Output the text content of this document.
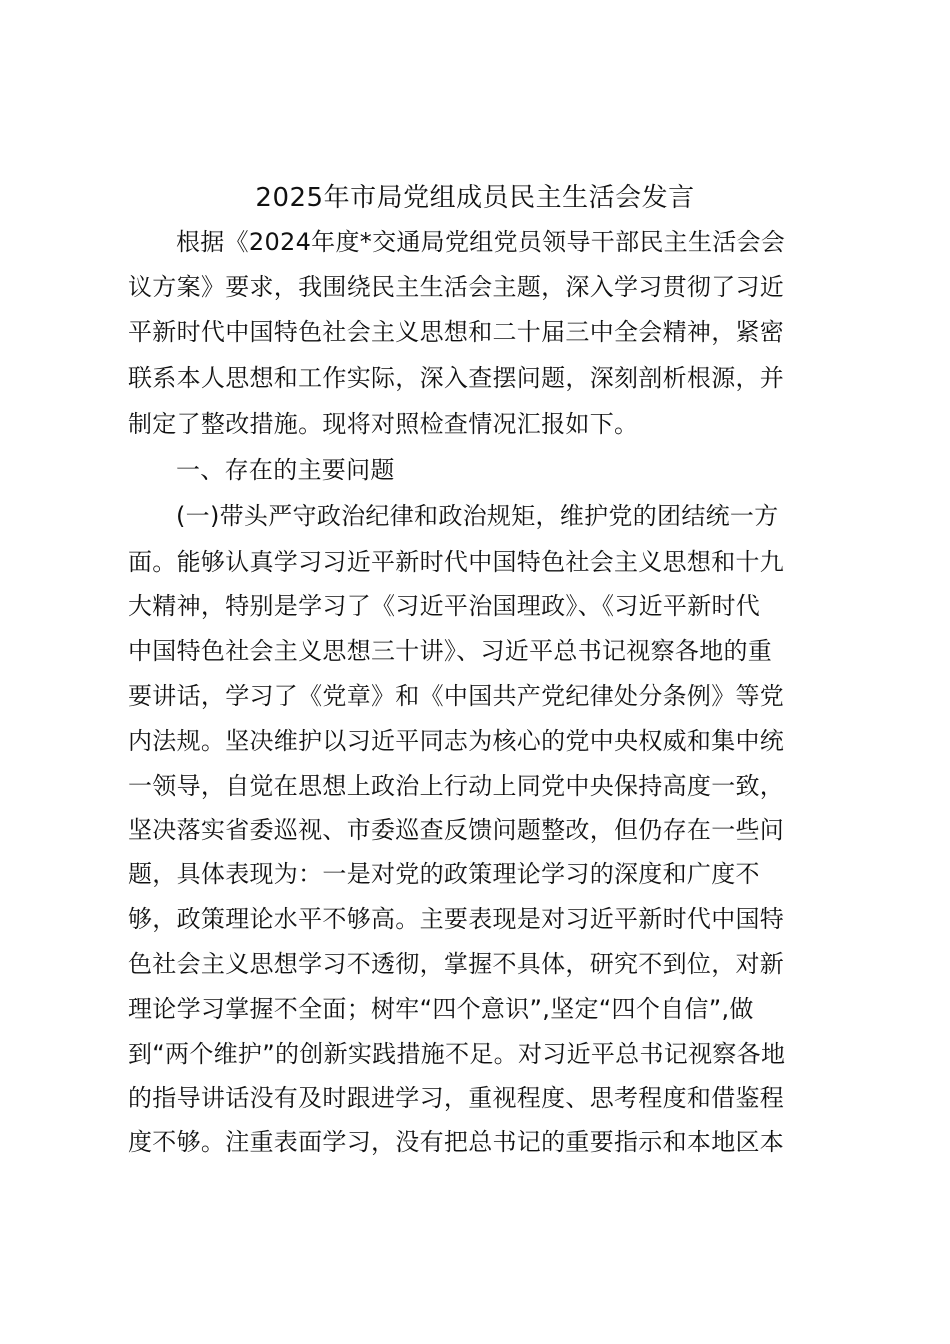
2025年市局党组成员民主生活会发言
根据《2024年度*交通局党组党员领导干部民主生活会会
议方案》要求，我围绕民主生活会主题，深入学习贯彻了习近
平新时代中国特色社会主义思想和二十届三中全会精神，紧密
联系本人思想和工作实际，深入查摆问题，深刻剖析根源，并
制定了整改措施。现将对照检查情况汇报如下。
一、存在的主要问题
(一)带头严守政治纪律和政治规矩，维护党的团结统一方
面。能够认真学习习近平新时代中国特色社会主义思想和十九
大精神，特别是学习了《习近平治国理政》、《习近平新时代
中国特色社会主义思想三十讲》、习近平总书记视察各地的重
要讲话，学习了《党章》和《中国共产党纪律处分条例》等党
内法规。坚决维护以习近平同志为核心的党中央权威和集中统
一领导，自觉在思想上政治上行动上同党中央保持高度一致，
坚决落实省委巡视、市委巡查反馈问题整改，但仍存在一些问
题，具体表现为：一是对党的政策理论学习的深度和广度不
够，政策理论水平不够高。主要表现是对习近平新时代中国特
色社会主义思想学习不透彻，掌握不具体，研究不到位，对新
理论学习掌握不全面；树牢“四个意识”,坚定“四个自信”,做
到“两个维护”的创新实践措施不足。对习近平总书记视察各地
的指导讲话没有及时跟进学习，重视程度、思考程度和借鉴程
度不够。注重表面学习，没有把总书记的重要指示和本地区本
